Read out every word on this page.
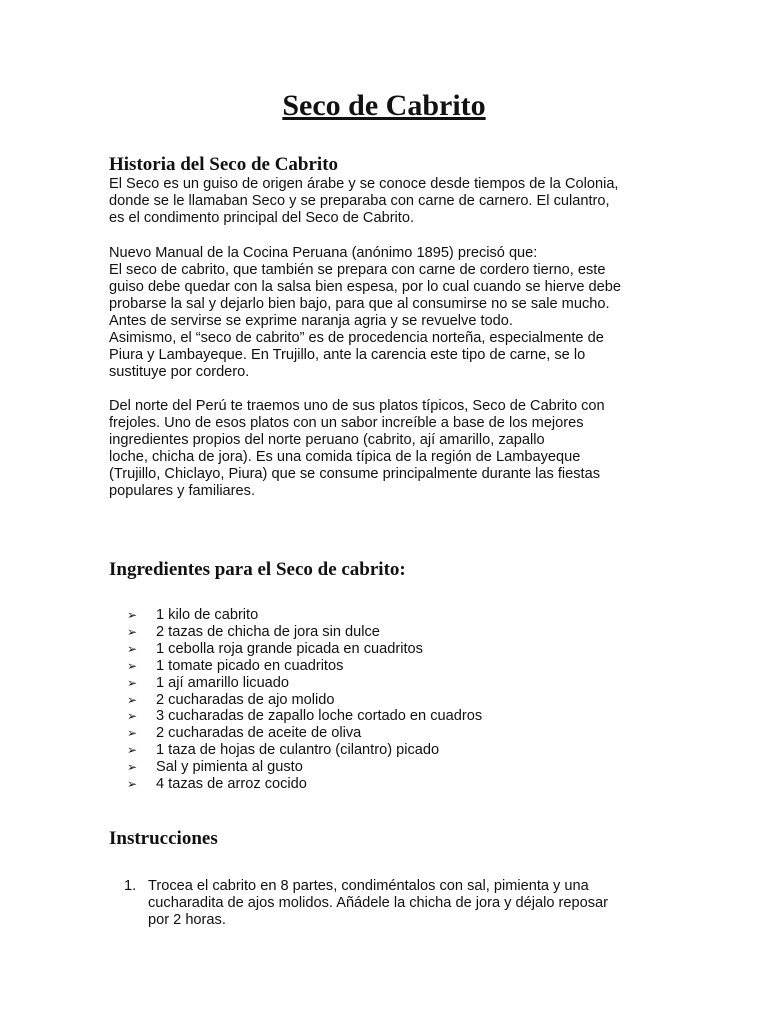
Seco de Cabrito
Historia del Seco de Cabrito

El Seco es un guiso de origen árabe y se conoce desde tiempos de la Colonia,
donde se le llamaban Seco y se preparaba con carne de carnero. El culantro,
es el condimento principal del Seco de Cabrito.

Nuevo Manual de la Cocina Peruana (anónimo 1895) precisó que:
El seco de cabrito, que también se prepara con carne de cordero tierno, este
guiso debe quedar con la salsa bien espesa, por lo cual cuando se hierve debe
probarse la sal y dejarlo bien bajo, para que al consumirse no se sale mucho.
Antes de servirse se exprime naranja agria y se revuelve todo.
Asimismo, el “seco de cabrito” es de procedencia norteña, especialmente de
Piura y Lambayeque. En Trujillo, ante la carencia este tipo de carne, se lo
sustituye por cordero.

Del norte del Perú te traemos uno de sus platos típicos, Seco de Cabrito con
frejoles. Uno de esos platos con un sabor increíble a base de los mejores
ingredientes propios del norte peruano (cabrito, ají amarillo, zapallo
loche, chicha de jora). Es una comida típica de la región de Lambayeque
(Trujillo, Chiclayo, Piura) que se consume principalmente durante las fiestas
populares y familiares.

Ingredientes para el Seco de cabrito:
➢	1 kilo de cabrito
➢	2 tazas de chicha de jora sin dulce
➢	1 cebolla roja grande picada en cuadritos
➢	1 tomate picado en cuadritos
➢	1 ají amarillo licuado
➢	2 cucharadas de ajo molido
➢	3 cucharadas de zapallo loche cortado en cuadros
➢	2 cucharadas de aceite de oliva
➢	1 taza de hojas de culantro (cilantro) picado
➢	Sal y pimienta al gusto
➢	4 tazas de arroz cocido
Instrucciones
1. Trocea el cabrito en 8 partes, condiméntalos con sal, pimienta y una
cucharadita de ajos molidos. Añádele la chicha de jora y déjalo reposar
por 2 horas.
